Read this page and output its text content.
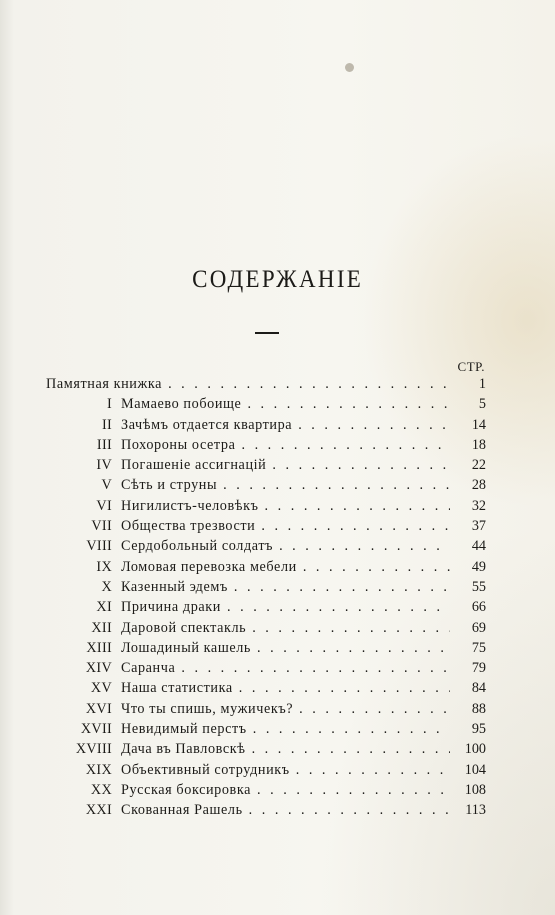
СОДЕРЖАНІЕ
СТР.
Памятная книжка . . .	1
I Мамаево побоище . . .	5
II Зачѣмъ отдается квартира . . .	14
III Похороны осетра . . .	18
IV Погашеніе ассигнацій . . .	22
V Сѣть и струны . . .	28
VI Нигилистъ-человѣкъ . . .	32
VII Общества трезвости . . .	37
VIII Сердобольный солдатъ . . .	44
IX Ломовая перевозка мебели . . .	49
X Казенный эдемъ . . .	55
XI Причина драки . . .	66
XII Даровой спектакль . . .	69
XIII Лошадиный кашель . . .	75
XIV Саранча . . .	79
XV Наша статистика . . .	84
XVI Что ты спишь, мужичекъ? . . .	88
XVII Невидимый перстъ . . .	95
XVIII Дача въ Павловскѣ . . .	100
XIX Объективный сотрудникъ . . .	104
XX Русская боксировка . . .	108
XXI Скованная Рашель . . .	113
